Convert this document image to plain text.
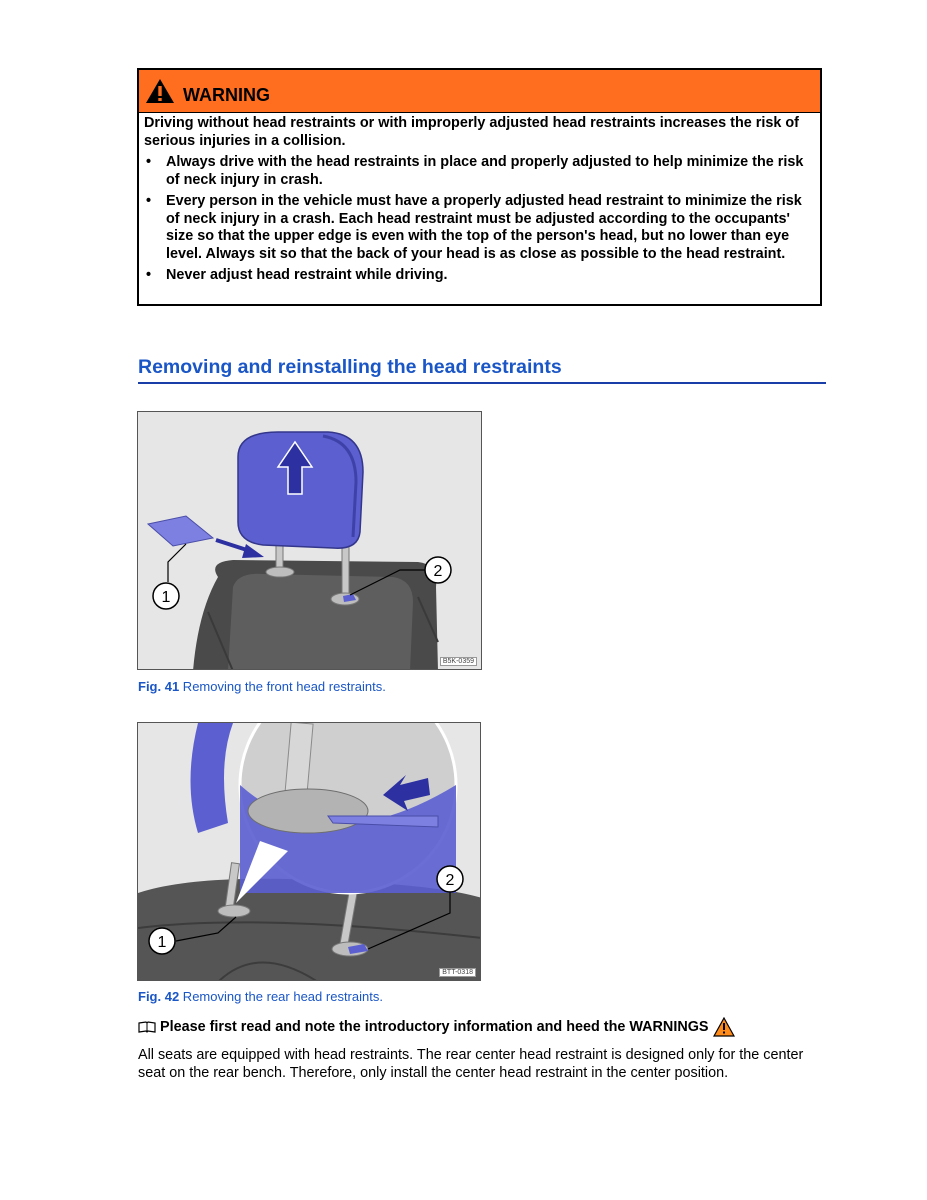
WARNING

Driving without head restraints or with improperly adjusted head restraints increases the risk of serious injuries in a collision.

• Always drive with the head restraints in place and properly adjusted to help minimize the risk of neck injury in crash.

• Every person in the vehicle must have a properly adjusted head restraint to minimize the risk of neck injury in a crash. Each head restraint must be adjusted according to the occupants' size so that the upper edge is even with the top of the person's head, but no lower than eye level. Always sit so that the back of your head is as close as possible to the head restraint.

• Never adjust head restraint while driving.

Removing and reinstalling the head restraints
1
2
B5K-0359
Fig. 41 Removing the front head restraints.
1
2
BTT-0318
Fig. 42 Removing the rear head restraints.
Please first read and note the introductory information and heed the WARNINGS
All seats are equipped with head restraints. The rear center head restraint is designed only for the center seat on the rear bench. Therefore, only install the center head restraint in the center position.
